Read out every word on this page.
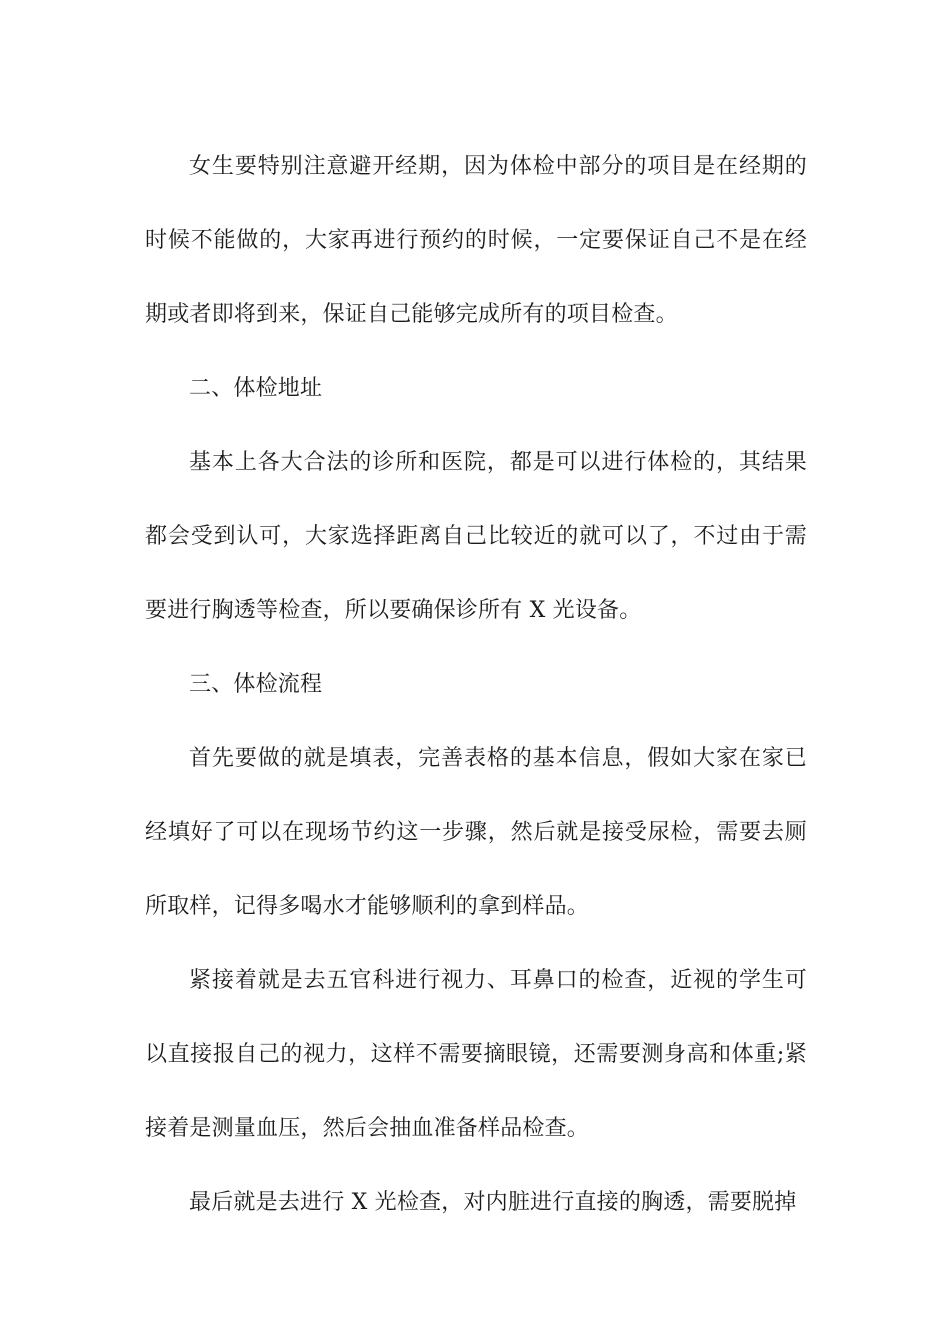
女生要特别注意避开经期，因为体检中部分的项目是在经期的时候不能做的，大家再进行预约的时候，一定要保证自己不是在经期或者即将到来，保证自己能够完成所有的项目检查。

二、体检地址

基本上各大合法的诊所和医院，都是可以进行体检的，其结果都会受到认可，大家选择距离自己比较近的就可以了，不过由于需要进行胸透等检查，所以要确保诊所有 X 光设备。

三、体检流程

首先要做的就是填表，完善表格的基本信息，假如大家在家已经填好了可以在现场节约这一步骤，然后就是接受尿检，需要去厕所取样，记得多喝水才能够顺利的拿到样品。

紧接着就是去五官科进行视力、耳鼻口的检查，近视的学生可以直接报自己的视力，这样不需要摘眼镜，还需要测身高和体重;紧接着是测量血压，然后会抽血准备样品检查。

最后就是去进行 X 光检查，对内脏进行直接的胸透，需要脱掉
